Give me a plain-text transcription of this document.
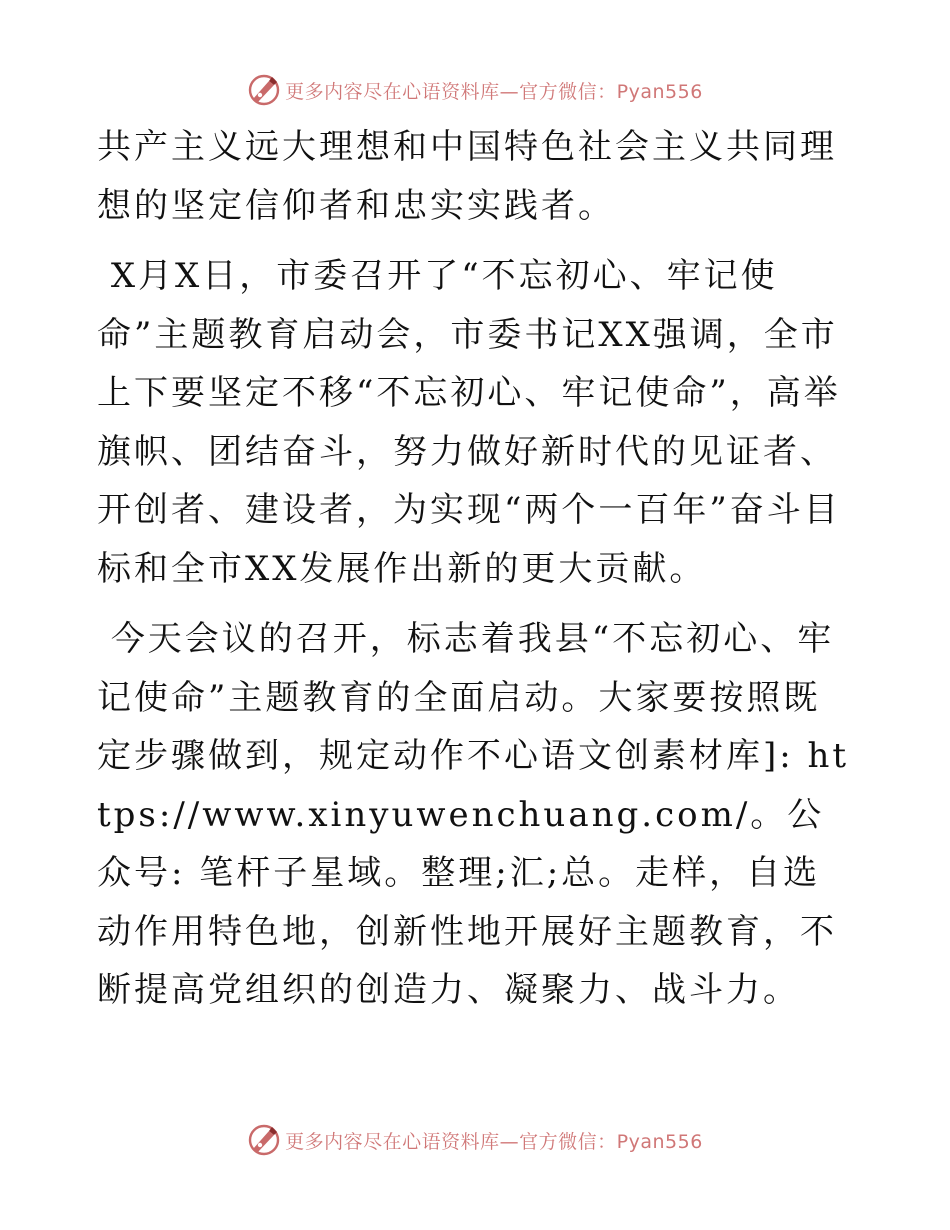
更多内容尽在心语资料库—官方微信：Pyan556

共产主义远大理想和中国特色社会主义共同理想的坚定信仰者和忠实实践者。

X月X日，市委召开了“不忘初心、牢记使命”主题教育启动会，市委书记XX强调，全市上下要坚定不移“不忘初心、牢记使命”，高举旗帜、团结奋斗，努力做好新时代的见证者、开创者、建设者，为实现“两个一百年”奋斗目标和全市XX发展作出新的更大贡献。

今天会议的召开，标志着我县“不忘初心、牢记使命”主题教育的全面启动。大家要按照既定步骤做到，规定动作不心语文创素材库]: https://www.xinyuwenchuang.com/。公众号: 笔杆子星域。整理;汇;总。走样，自选动作用特色地，创新性地开展好主题教育，不断提高党组织的创造力、凝聚力、战斗力。

更多内容尽在心语资料库—官方微信：Pyan556
